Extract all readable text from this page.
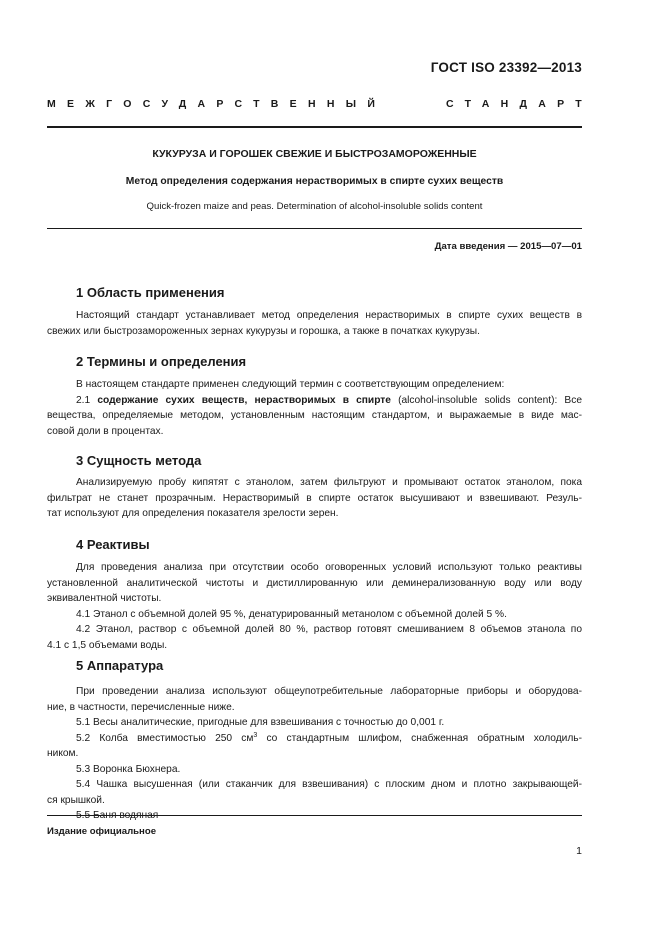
ГОСТ ISO 23392—2013
МЕЖГОСУДАРСТВЕННЫЙ	СТАНДАРТ
КУКУРУЗА И ГОРОШЕК СВЕЖИЕ И БЫСТРОЗАМОРОЖЕННЫЕ
Метод определения содержания нерастворимых в спирте сухих веществ
Quick-frozen maize and peas. Determination of alcohol-insoluble solids content
Дата введения — 2015—07—01
1 Область применения
Настоящий стандарт устанавливает метод определения нерастворимых в спирте сухих веществ в
свежих или быстрозамороженных зернах кукурузы и горошка, а также в початках кукурузы.
2 Термины и определения
В настоящем стандарте применен следующий термин с соответствующим определением:
2.1 содержание сухих веществ, нерастворимых в спирте (alcohol-insoluble solids content): Все
вещества, определяемые методом, установленным настоящим стандартом, и выражаемые в виде мас-
совой доли в процентах.
3 Сущность метода
Анализируемую пробу кипятят с этанолом, затем фильтруют и промывают остаток этанолом, пока
фильтрат не станет прозрачным. Нерастворимый в спирте остаток высушивают и взвешивают. Резуль-
тат используют для определения показателя зрелости зерен.
4 Реактивы
Для проведения анализа при отсутствии особо оговоренных условий используют только реактивы
установленной аналитической чистоты и дистиллированную или деминерализованную воду или воду
эквивалентной чистоты.
4.1 Этанол с объемной долей 95 %, денатурированный метанолом с объемной долей 5 %.
4.2 Этанол, раствор с объемной долей 80 %, раствор готовят смешиванием 8 объемов этанола по
4.1 с 1,5 объемами воды.
5 Аппаратура
При проведении анализа используют общеупотребительные лабораторные приборы и оборудова-
ние, в частности, перечисленные ниже.
5.1 Весы аналитические, пригодные для взвешивания с точностью до 0,001 г.
5.2 Колба вместимостью 250 $см^3$ со стандартным шлифом, снабженная обратным холодиль-
ником.
5.3 Воронка Бюхнера.
5.4 Чашка высушенная (или стаканчик для взвешивания) с плоским дном и плотно закрывающей-
ся крышкой.
Издание официальное
1
